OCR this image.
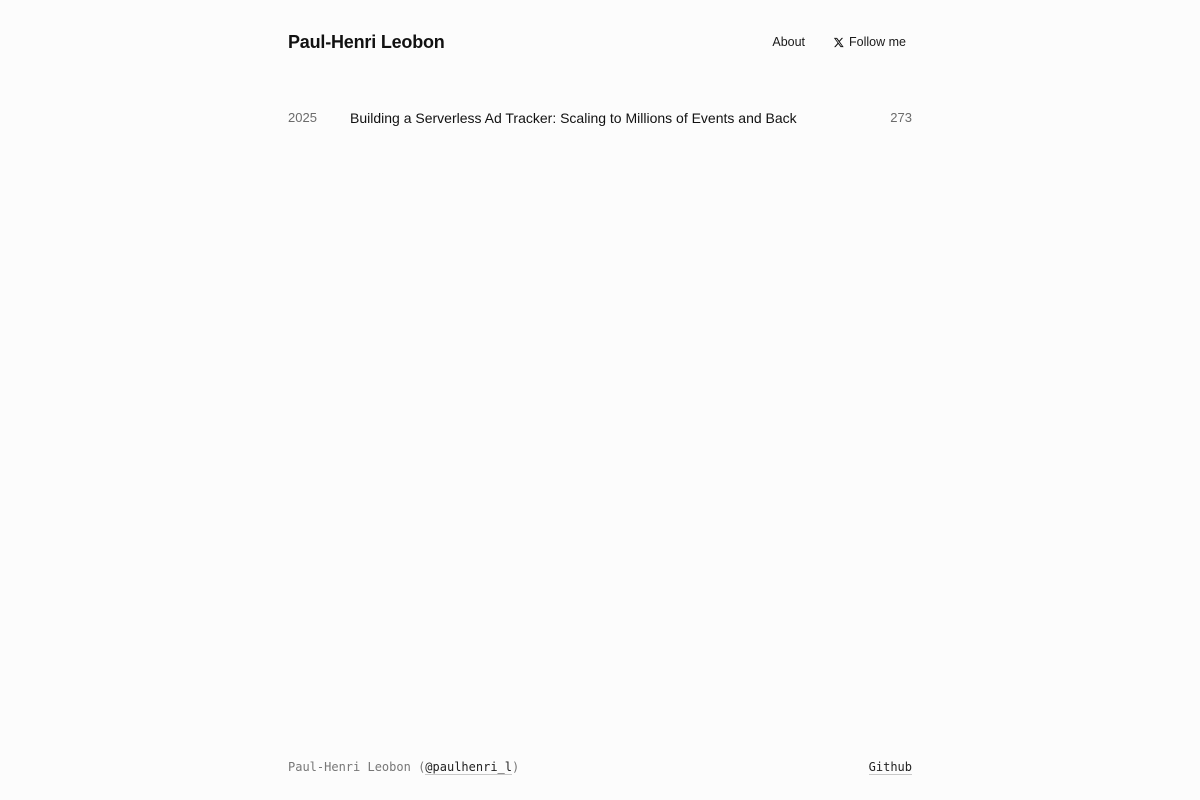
Paul-Henri Leobon	About	Follow me
2025 Building a Serverless Ad Tracker: Scaling to Millions of Events and Back	273
Paul-Henri Leobon (@paulhenri_l)	Github
